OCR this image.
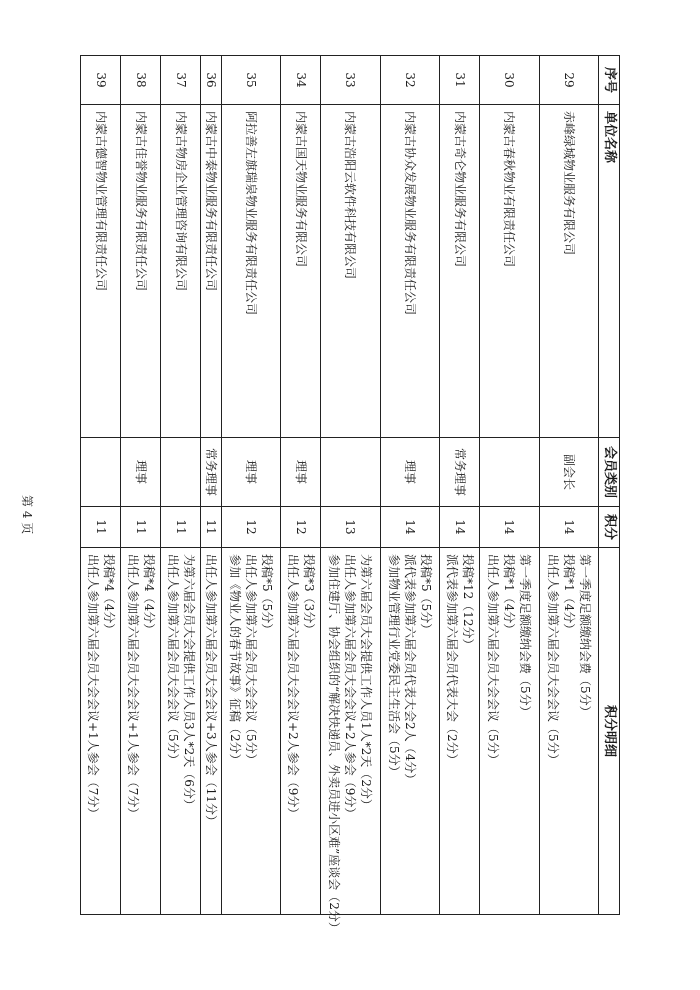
序号	单位名称	会员类别	积分	积分明细
29	赤峰绿城物业服务有限公司	副会长	14	第一季度足额缴纳会费（5分）
投稿*1（4分）
出任人参加第六届会员大会会议（5分）

30	内蒙古春秋物业有限责任公司		14	第一季度足额缴纳会费（5分）
投稿*1（4分）
出任人参加第六届会员大会会议（5分）

31	内蒙古奇仑物业服务有限公司	常务理事	14	投稿*12（12分）
派代表参加第六届会员代表大会（2分）

32	内蒙古协众发展物业服务有限责任公司	理事	14	投稿*5（5分）
派代表参加第六届会员代表大会2人（4分）
参加物业管理行业党委民主生活会（5分）

33	内蒙古浩阳云软件科技有限公司		13	为第六届会员大会提供工作人员1人*2天（2分）
出任人参加第六届会员大会会议+2人参会（9分）
参加住建厅、协会组织的“解决快递员、外卖员进小区难”座谈会（2分）

34	内蒙古国天物业服务有限公司	理事	12	投稿*3（3分）
出任人参加第六届会员大会会议+2人参会（9分）

35	阿拉善左旗瑞泉物业服务有限责任公司	理事	12	投稿*5（5分）
出任人参加第六届会员大会会议（5分）
参加《物业人的春节故事》征稿（2分）

36	内蒙古中泰物业服务有限责任公司	常务理事	11	出任人参加第六届会员大会会议+3人参会（11分）

37	内蒙古物房企业管理咨询有限公司		11	为第六届会员大会提供工作人员3人*2天（6分）
出任人参加第六届会员大会会议（5分）

38	内蒙古佳誉物业服务有限责任公司	理事	11	投稿*4（4分）
出任人参加第六届会员大会会议+1人参会（7分）

39	内蒙古德智物业管理有限责任公司		11	投稿*4（4分）
出任人参加第六届会员大会会议+1人参会（7分）
第 4 页
